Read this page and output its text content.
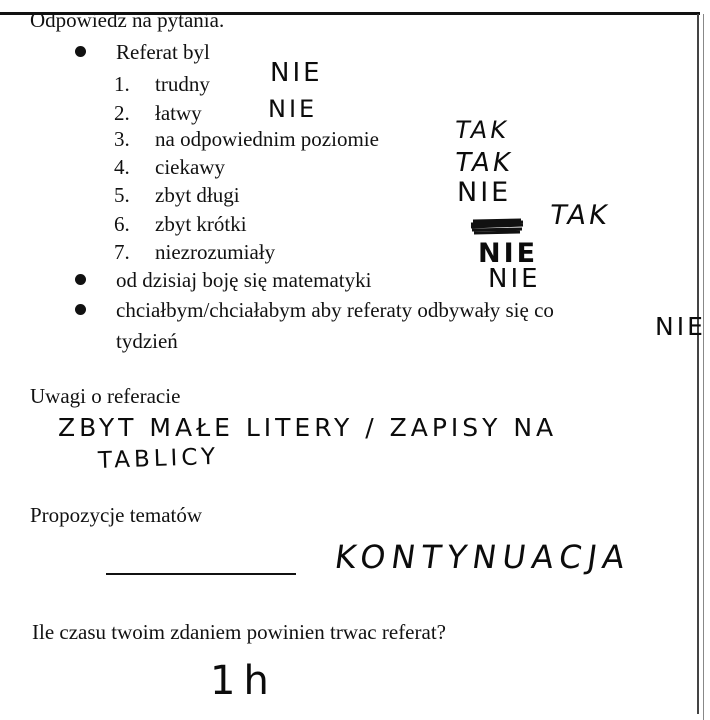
Odpowiedz na pytania.
Referat byl
1. trudny NIE
2. łatwy	NIE
3. na odpowiednim poziomie	TAK
4. ciekawy	TAK
5. zbyt długi	NIE
6. zbyt krótki	TAK
7. niezrozumiały	NIE
od dzisiaj boję się matematyki	NIE
chciałbym/chciałabym aby referaty odbywały się co
tydzień	NIE
Uwagi o referacie
ZBYT MAŁE LITERY / ZAPISY NA
TABLICY
Propozycje tematów
KONTYNUACJA
Ile czasu twoim zdaniem powinien trwac referat?
1h
